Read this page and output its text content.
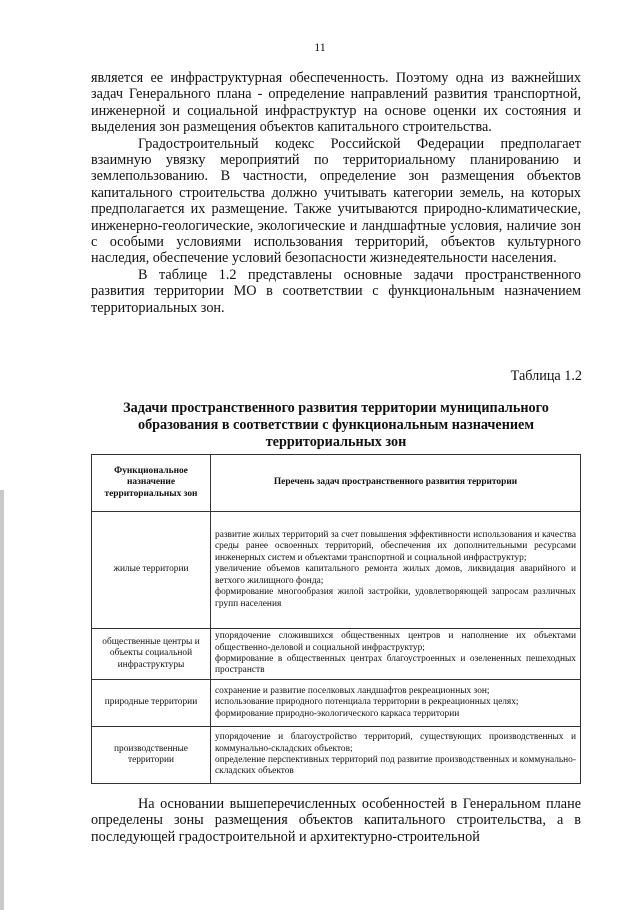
11

является ее инфраструктурная обеспеченность. Поэтому одна из важнейших задач Генерального плана - определение направлений развития транспортной, инженерной и социальной инфраструктур на основе оценки их состояния и выделения зон размещения объектов капитального строительства.

Градостроительный кодекс Российской Федерации предполагает взаимную увязку мероприятий по территориальному планированию и землепользованию. В частности, определение зон размещения объектов капитального строительства должно учитывать категории земель, на которых предполагается их размещение. Также учитываются природно-климатические, инженерно-геологические, экологические и ландшафтные условия, наличие зон с особыми условиями использования территорий, объектов культурного наследия, обеспечение условий безопасности жизнедеятельности населения.

В таблице 1.2 представлены основные задачи пространственного развития территории МО в соответствии с функциональным назначением территориальных зон.

Таблица 1.2
Задачи пространственного развития территории муниципального образования в соответствии с функциональным назначением территориальных зон
Функциональное назначение территориальных зон	Перечень задач пространственного развития территории
жилые территории	развитие жилых территорий за счет повышения эффективности использования и качества среды ранее освоенных территорий, обеспечения их дополнительными ресурсами инженерных систем и объектами транспортной и социальной инфраструктур;
увеличение объемов капитального ремонта жилых домов, ликвидация аварийного и ветхого жилищного фонда;
формирование многообразия жилой застройки, удовлетворяющей запросам различных групп населения

общественные центры и объекты социальной инфраструктуры	упорядочение сложившихся общественных центров и наполнение их объектами общественно-деловой и социальной инфраструктур;
формирование в общественных центрах благоустроенных и озелененных пешеходных пространств

природные территории	сохранение и развитие поселковых ландшафтов рекреационных зон;
использование природного потенциала территории в рекреационных целях;
формирование природно-экологического каркаса территории

производственные территории	упорядочение и благоустройство территорий, существующих производственных и коммунально-складских объектов;
определение перспективных территорий под развитие производственных и коммунально-складских объектов

На основании вышеперечисленных особенностей в Генеральном плане определены зоны размещения объектов капитального строительства, а в последующей градостроительной и архитектурно-строительной
